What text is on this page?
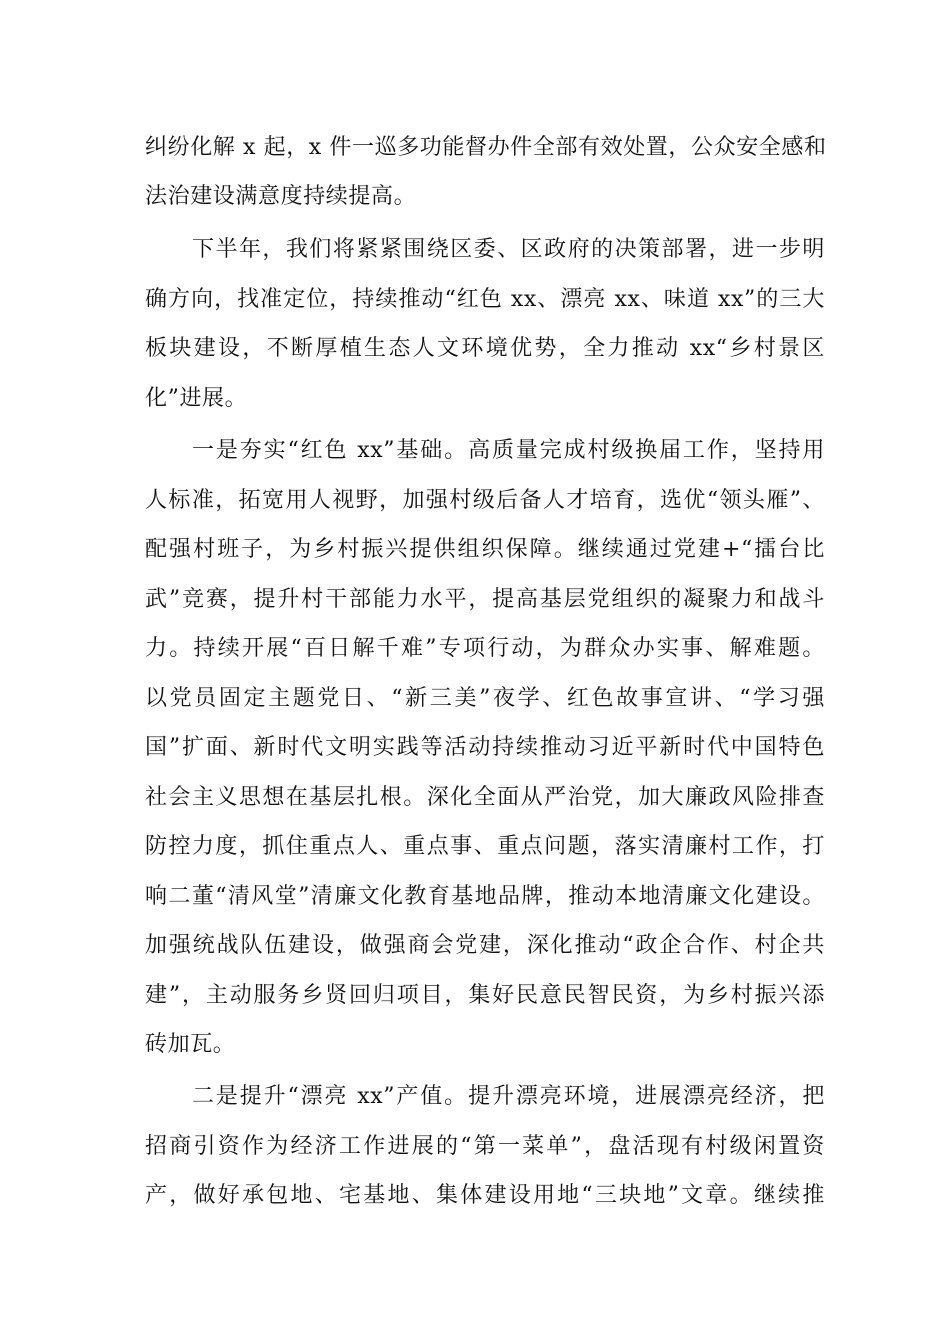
纠纷化解 x 起，x 件一巡多功能督办件全部有效处置，公众安全感和
法治建设满意度持续提高。
下半年，我们将紧紧围绕区委、区政府的决策部署，进一步明
确方向，找准定位，持续推动“红色 xx、漂亮 xx、味道 xx”的三大
板块建设，不断厚植生态人文环境优势，全力推动 xx“乡村景区
化”进展。
一是夯实“红色 xx”基础。高质量完成村级换届工作，坚持用
人标准，拓宽用人视野，加强村级后备人才培育，选优“领头雁”、
配强村班子，为乡村振兴提供组织保障。继续通过党建+“擂台比
武”竞赛，提升村干部能力水平，提高基层党组织的凝聚力和战斗
力。持续开展“百日解千难”专项行动，为群众办实事、解难题。
以党员固定主题党日、“新三美”夜学、红色故事宣讲、“学习强
国”扩面、新时代文明实践等活动持续推动习近平新时代中国特色
社会主义思想在基层扎根。深化全面从严治党，加大廉政风险排查
防控力度，抓住重点人、重点事、重点问题，落实清廉村工作，打
响二董“清风堂”清廉文化教育基地品牌，推动本地清廉文化建设。
加强统战队伍建设，做强商会党建，深化推动“政企合作、村企共
建”，主动服务乡贤回归项目，集好民意民智民资，为乡村振兴添
砖加瓦。
二是提升“漂亮 xx”产值。提升漂亮环境，进展漂亮经济，把
招商引资作为经济工作进展的“第一菜单”，盘活现有村级闲置资
产，做好承包地、宅基地、集体建设用地“三块地”文章。继续推
